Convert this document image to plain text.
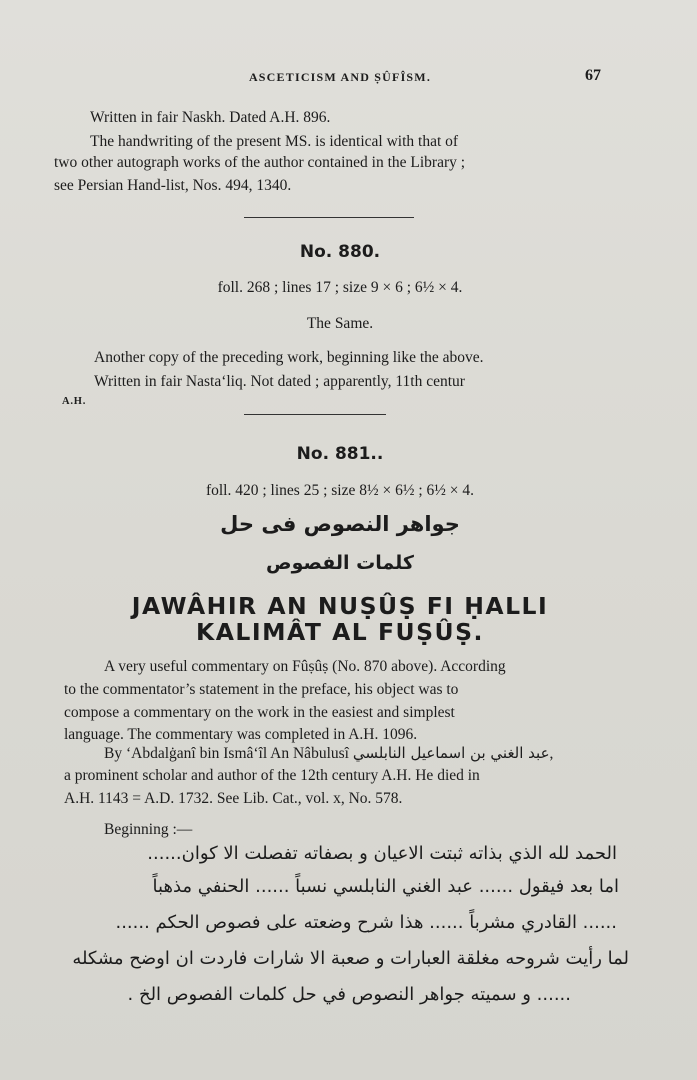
ASCETICISM AND ṢÛFÎSM.	67
Written in fair Naskh. Dated A.H. 896.
The handwriting of the present MS. is identical with that of
two other autograph works of the author contained in the Library ;
see Persian Hand-list, Nos. 494, 1340.
No. 880.
foll. 268 ; lines 17 ; size 9 × 6 ; 6½ × 4.
The Same.
Another copy of the preceding work, beginning like the above.
Written in fair Nasta‘liq. Not dated ; apparently, 11th centur
A.H.
No. 881..
foll. 420 ; lines 25 ; size 8½ × 6½ ; 6½ × 4.
جواهر النصوص فی حل
كلمات الفصوص
JAWÂHIR AN NUṢÛṢ FI ḤALLI
KALIMÂT AL FUṢÛṢ.
A very useful commentary on Fûṣûṣ (No. 870 above). According
to the commentator’s statement in the preface, his object was to
compose a commentary on the work in the easiest and simplest
language. The commentary was completed in A.H. 1096.
By ‘Abdalġanî bin Ismâ‘îl An Nâbulusî عبد الغني بن اسماعيل النابلسي,
a prominent scholar and author of the 12th century A.H. He died in
A.H. 1143 = A.D. 1732. See Lib. Cat., vol. x, No. 578.
Beginning :—
الحمد لله الذي بذاته ثبتت الاعيان و بصفاته تفصلت الا كوان......
اما بعد فيقول ...... عبد الغني النابلسي نسباً ...... الحنفي مذهباً
...... القادري مشرباً ...... هذا شرح وضعته على فصوص الحكم ......
لما رأيت شروحه مغلقة العبارات و صعبة الا شارات فاردت ان اوضح مشكله
...... و سميته جواهر النصوص في حل كلمات الفصوص الخ .
